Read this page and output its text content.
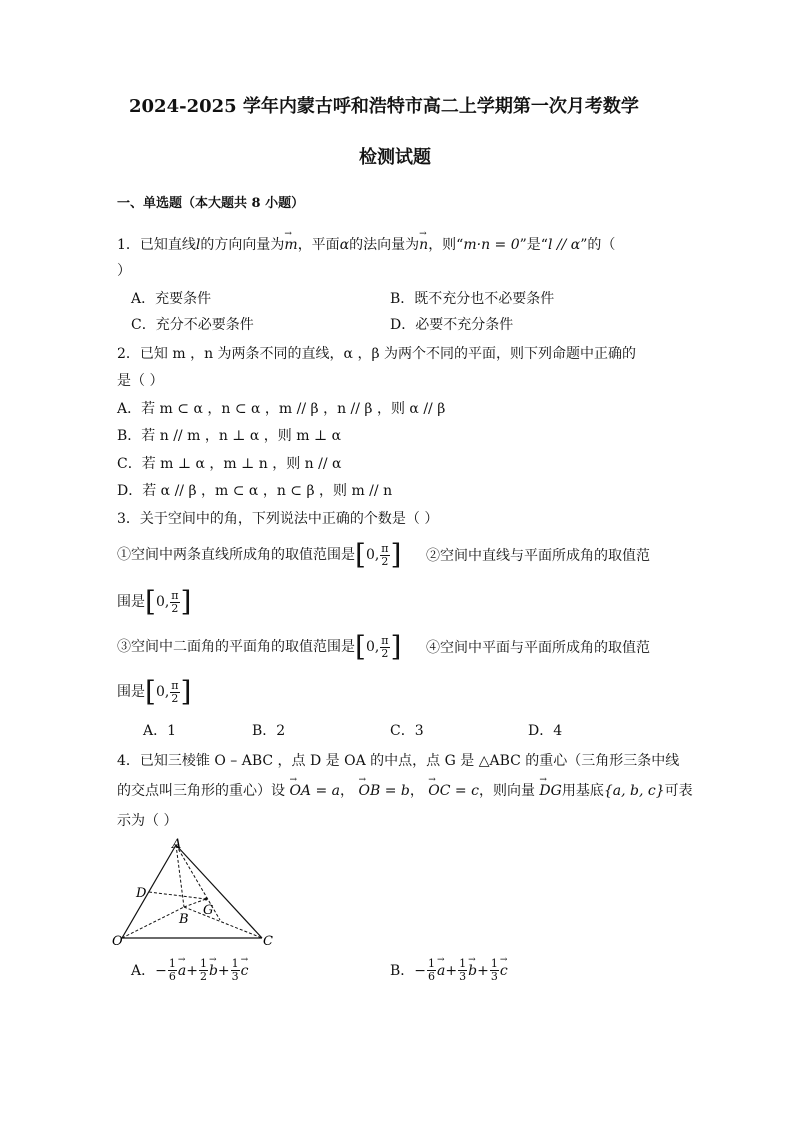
2024-2025 学年内蒙古呼和浩特市高二上学期第一次月考数学
检测试题
一、单选题（本大题共 8 小题）
1．已知直线l的方向向量为→ m，平面α的法向量为→ n，则“m·n = 0”是“l // α”的（
）
A．充要条件	B．既不充分也不必要条件
C．充分不必要条件	D．必要不充分条件
2．已知 m ，n 为两条不同的直线，α ，β 为两个不同的平面，则下列命题中正确的
是（ ）
A．若 m ⊂ α ，n ⊂ α ，m // β ，n // β ，则 α // β
B．若 n // m ，n ⊥ α ，则 m ⊥ α
C．若 m ⊥ α ，m ⊥ n ，则 n // α
D．若 α // β ，m ⊂ α ，n ⊂ β ，则 m // n
3．关于空间中的角，下列说法中正确的个数是（ ）
①空间中两条直线所成角的取值范围是 [ 0, $\frac{\pi}{2}$ ] ②空间中直线与平面所成角的取值范
围是 [ 0, $\frac{\pi}{2}$ ]
③空间中二面角的平面角的取值范围是 [ 0, $\frac{\pi}{2}$ ] ④空间中平面与平面所成角的取值范
围是 [ 0, $\frac{\pi}{2}$ ]
A．1	B．2	C．3	D．4
4．已知三棱锥 O – ABC ，点 D 是 OA 的中点，点 G 是 △ABC 的重心（三角形三条中线
的交点叫三角形的重心）设 → OA = a， → OB = b， → OC = c，则向量 → DG用基底{a, b, c}可表
示为（ ）
A
D
G
B
O	C
A． − $\frac{1}{6}$
→ $a + \frac{1}{2}$
→ $b + \frac{1}{3}$
→ c	B． − $\frac{1}{6}$
→ $a + \frac{1}{3}$
→ $b + \frac{1}{3}$
→ c
